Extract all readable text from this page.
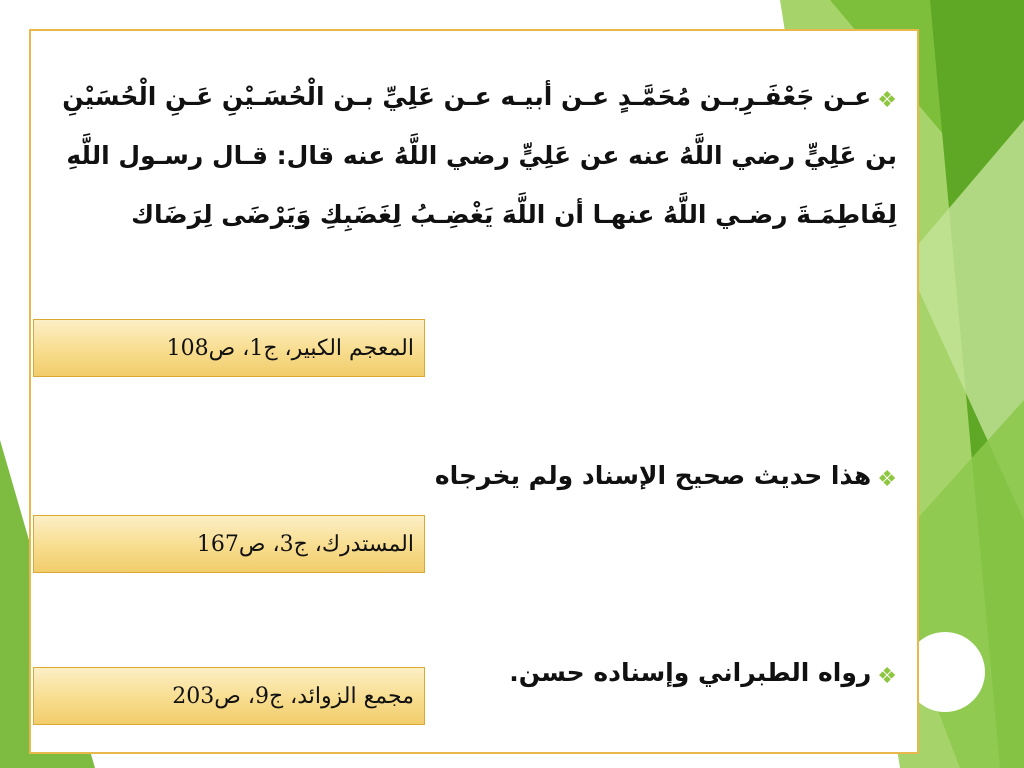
❖عـن جَعْفَـرِبـن مُحَمَّـدٍ عـن أبيـه عـن عَلِيِّ بـن الْحُسَـيْنِ عَـنِ الْحُسَيْنِ بن عَلِيٍّ رضي اللَّهُ عنه عن عَلِيٍّ رضي اللَّهُ عنه قال: قـال رسـول اللَّهِ لِفَاطِمَـةَ رضـي اللَّهُ عنهـا أن اللَّهَ يَغْضِـبُ لِغَضَبِكِ وَيَرْضَى لِرَضَاك
المعجم الكبير، ج1، ص108
❖هذا حديث صحيح الإسناد ولم يخرجاه
المستدرك، ج3، ص167
❖رواه الطبراني وإسناده حسن.
مجمع الزوائد، ج9، ص203
